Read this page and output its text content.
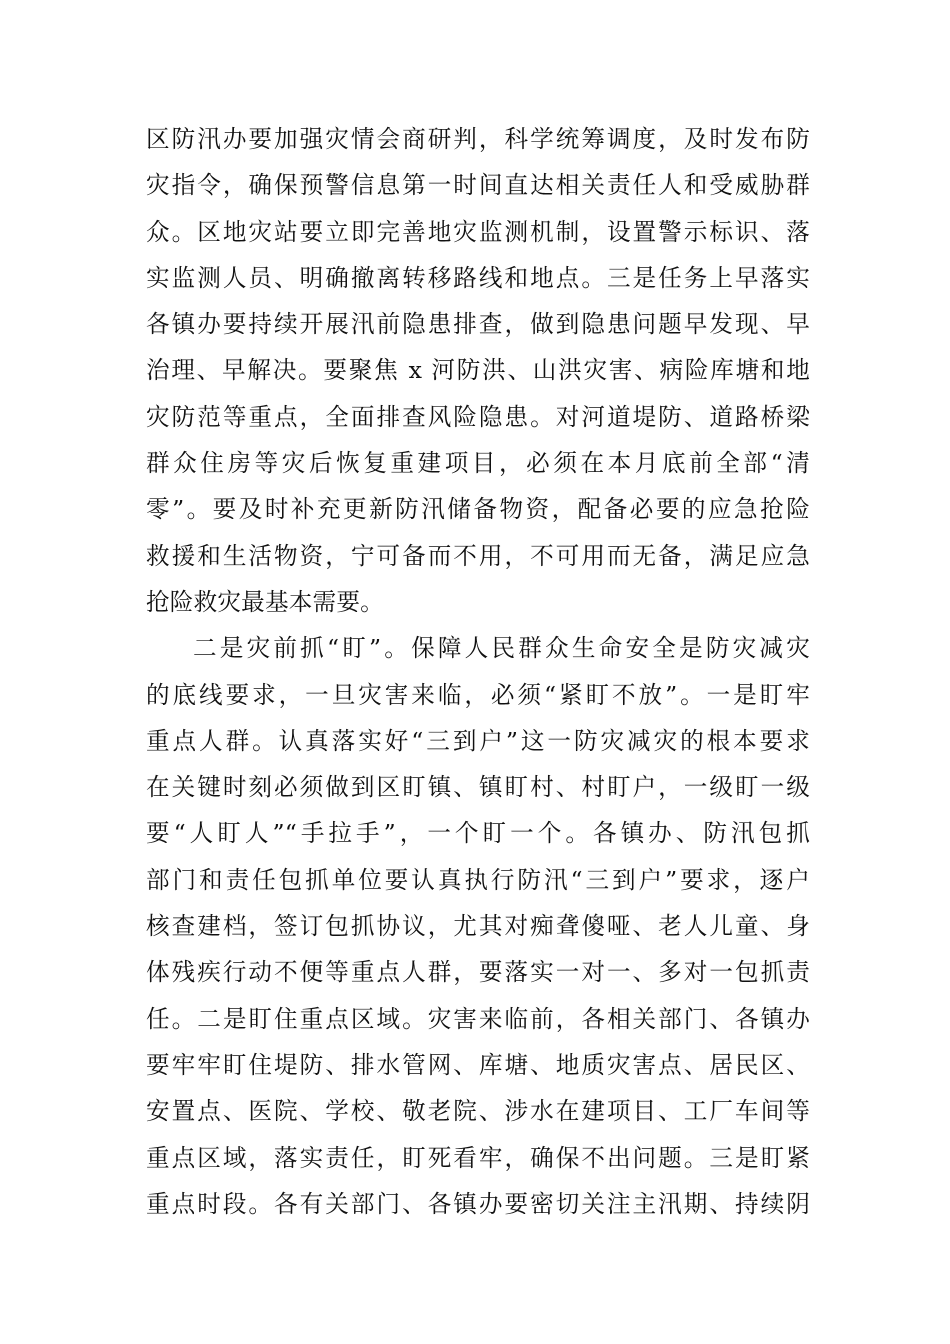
区防汛办要加强灾情会商研判，科学统筹调度，及时发布防
灾指令，确保预警信息第一时间直达相关责任人和受威胁群
众。区地灾站要立即完善地灾监测机制，设置警示标识、落
实监测人员、明确撤离转移路线和地点。三是任务上早落实
各镇办要持续开展汛前隐患排查，做到隐患问题早发现、早
治理、早解决。要聚焦 x 河防洪、山洪灾害、病险库塘和地
灾防范等重点，全面排查风险隐患。对河道堤防、道路桥梁
群众住房等灾后恢复重建项目，必须在本月底前全部“清
零”。要及时补充更新防汛储备物资，配备必要的应急抢险
救援和生活物资，宁可备而不用，不可用而无备，满足应急
抢险救灾最基本需要。
二是灾前抓“盯”。保障人民群众生命安全是防灾减灾
的底线要求，一旦灾害来临，必须“紧盯不放”。一是盯牢
重点人群。认真落实好“三到户”这一防灾减灾的根本要求
在关键时刻必须做到区盯镇、镇盯村、村盯户，一级盯一级
要“人盯人”“手拉手”，一个盯一个。各镇办、防汛包抓
部门和责任包抓单位要认真执行防汛“三到户”要求，逐户
核查建档，签订包抓协议，尤其对痴聋傻哑、老人儿童、身
体残疾行动不便等重点人群，要落实一对一、多对一包抓责
任。二是盯住重点区域。灾害来临前，各相关部门、各镇办
要牢牢盯住堤防、排水管网、库塘、地质灾害点、居民区、
安置点、医院、学校、敬老院、涉水在建项目、工厂车间等
重点区域，落实责任，盯死看牢，确保不出问题。三是盯紧
重点时段。各有关部门、各镇办要密切关注主汛期、持续阴
